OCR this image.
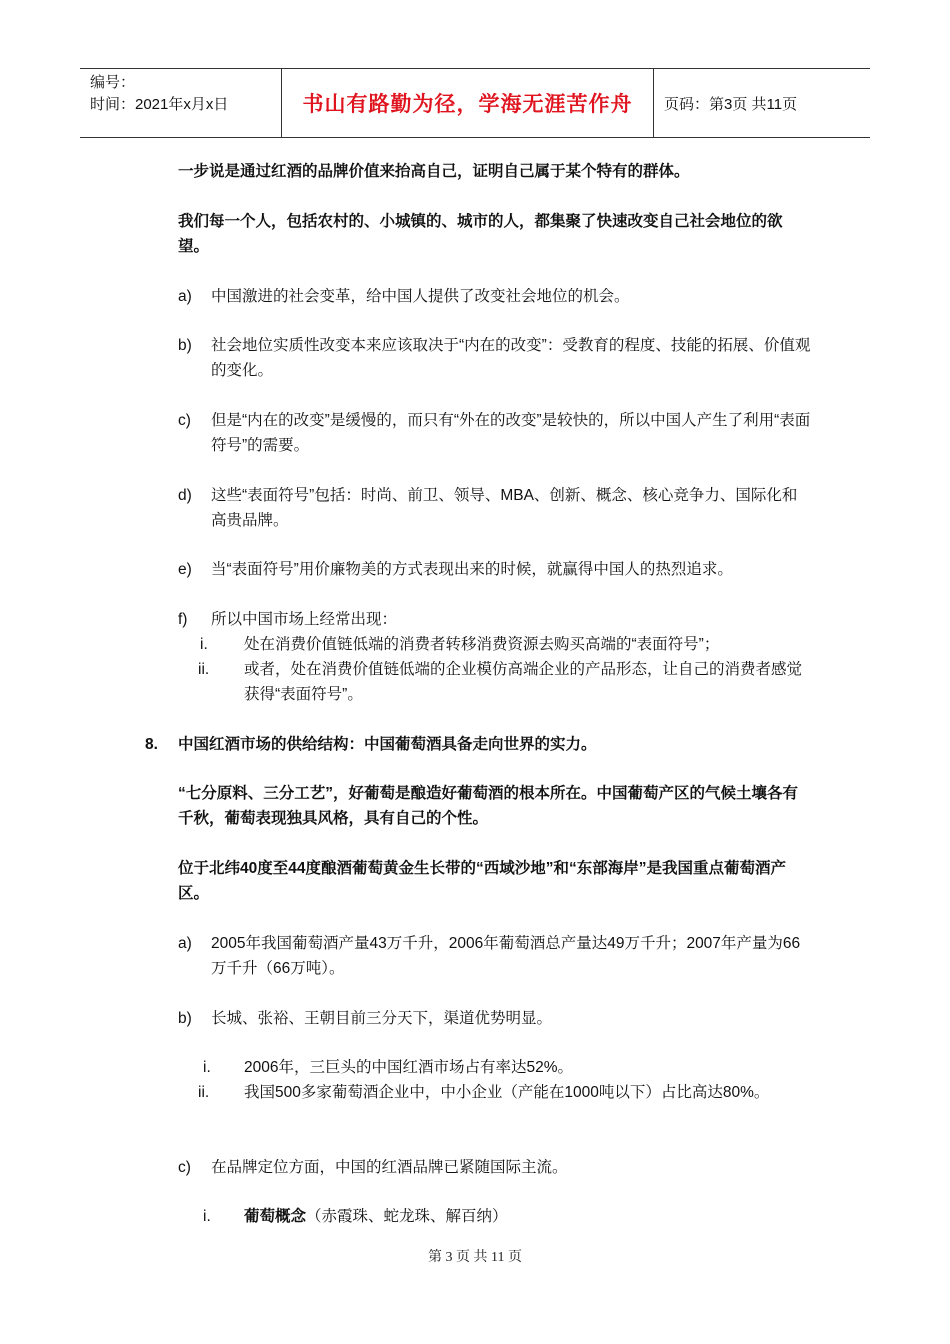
编号：
时间：2021年x月x日	书山有路勤为径，学海无涯苦作舟	页码：第3页 共11页
一步说是通过红酒的品牌价值来抬高自己，证明自己属于某个特有的群体。
我们每一个人，包括农村的、小城镇的、城市的人，都集聚了快速改变自己社会地位的欲望。
a) 中国激进的社会变革，给中国人提供了改变社会地位的机会。
b) 社会地位实质性改变本来应该取决于“内在的改变”：受教育的程度、技能的拓展、价值观的变化。
c) 但是“内在的改变”是缓慢的，而只有“外在的改变”是较快的，所以中国人产生了利用“表面符号”的需要。
d) 这些“表面符号”包括：时尚、前卫、领导、MBA、创新、概念、核心竞争力、国际化和高贵品牌。
e) 当“表面符号”用价廉物美的方式表现出来的时候，就赢得中国人的热烈追求。
f) 所以中国市场上经常出现：
i. 处在消费价值链低端的消费者转移消费资源去购买高端的“表面符号”；
ii. 或者，处在消费价值链低端的企业模仿高端企业的产品形态，让自己的消费者感觉获得“表面符号”。
8. 中国红酒市场的供给结构：中国葡萄酒具备走向世界的实力。
“七分原料、三分工艺”，好葡萄是酿造好葡萄酒的根本所在。中国葡萄产区的气候土壤各有千秋，葡萄表现独具风格，具有自己的个性。
位于北纬40度至44度酿酒葡萄黄金生长带的“西域沙地”和“东部海岸”是我国重点葡萄酒产区。
a) 2005年我国葡萄酒产量43万千升，2006年葡萄酒总产量达49万千升；2007年产量为66万千升（66万吨）。
b) 长城、张裕、王朝目前三分天下，渠道优势明显。
i. 2006年，三巨头的中国红酒市场占有率达52%。
ii. 我国500多家葡萄酒企业中，中小企业（产能在1000吨以下）占比高达80%。
c) 在品牌定位方面，中国的红酒品牌已紧随国际主流。
i. 葡萄概念（赤霞珠、蛇龙珠、解百纳）
第 3 页 共 11 页
